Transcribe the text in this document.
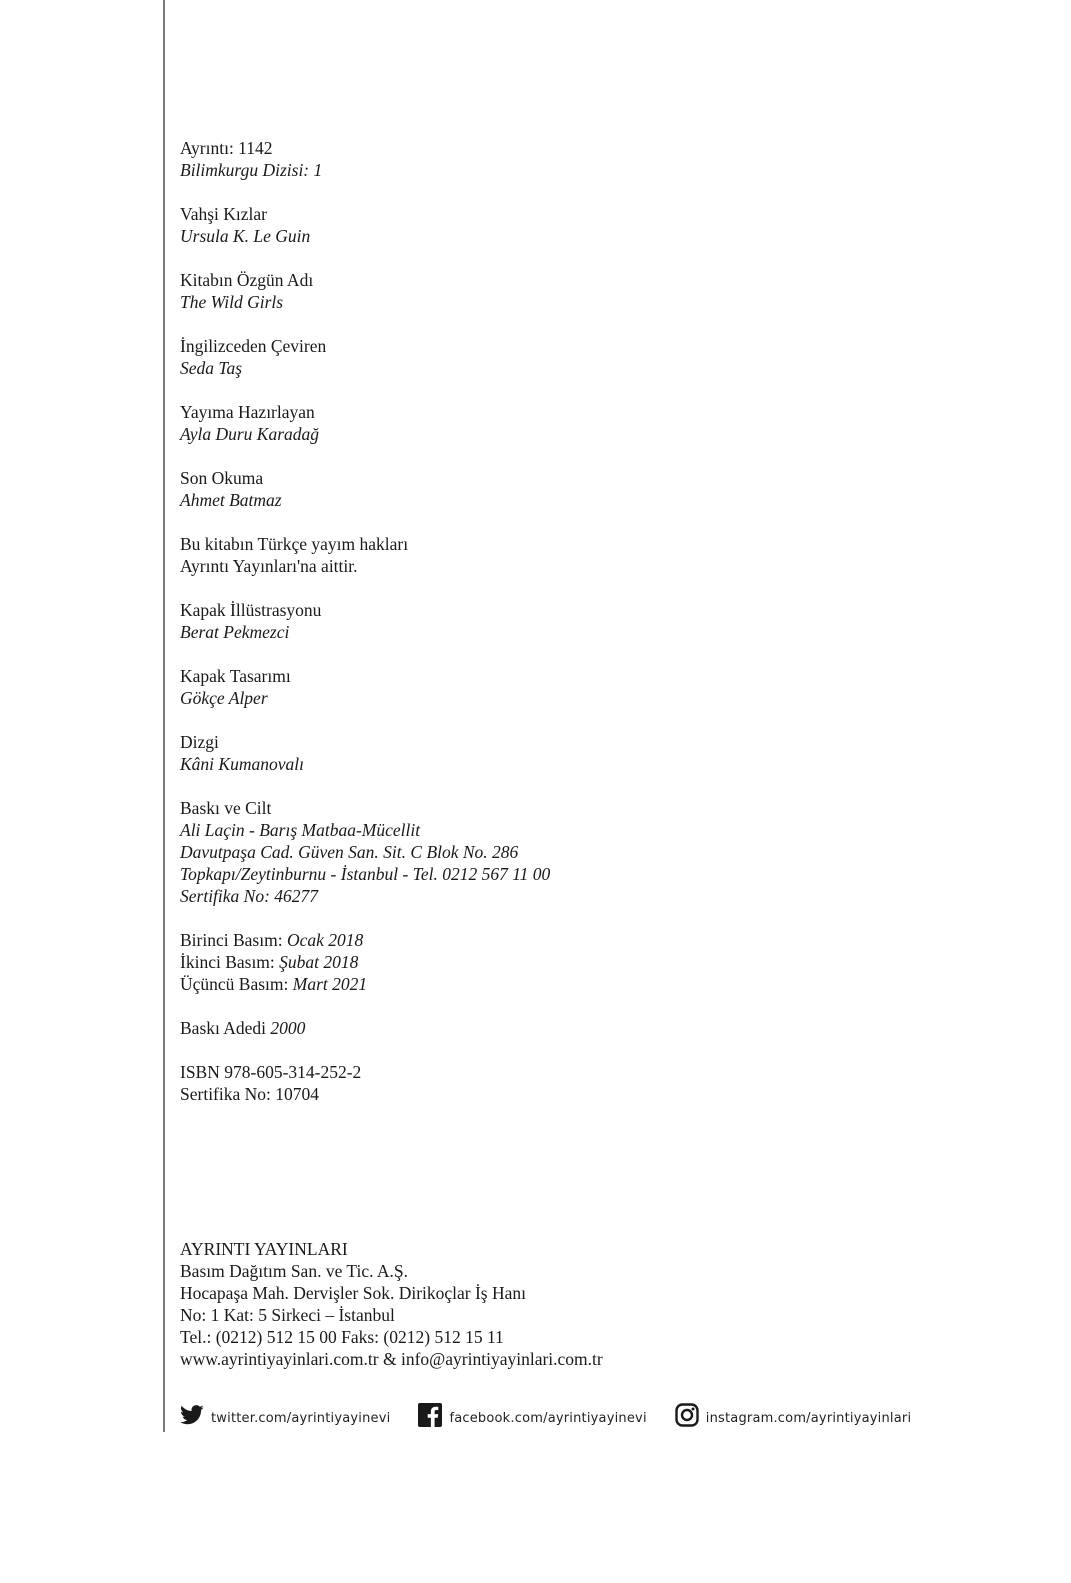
Ayrıntı: 1142
Bilimkurgu Dizisi: 1
Vahşi Kızlar
Ursula K. Le Guin
Kitabın Özgün Adı
The Wild Girls
İngilizceden Çeviren
Seda Taş
Yayıma Hazırlayan
Ayla Duru Karadağ
Son Okuma
Ahmet Batmaz
Bu kitabın Türkçe yayım hakları
Ayrıntı Yayınları'na aittir.
Kapak İllüstrasyonu
Berat Pekmezci
Kapak Tasarımı
Gökçe Alper
Dizgi
Kâni Kumanovalı
Baskı ve Cilt
Ali Laçin - Barış Matbaa-Mücellit
Davutpaşa Cad. Güven San. Sit. C Blok No. 286
Topkapı/Zeytinburnu - İstanbul - Tel. 0212 567 11 00
Sertifika No: 46277
Birinci Basım: Ocak 2018
İkinci Basım: Şubat 2018
Üçüncü Basım: Mart 2021
Baskı Adedi 2000
ISBN 978-605-314-252-2
Sertifika No: 10704
AYRINTI YAYINLARI
Basım Dağıtım San. ve Tic. A.Ş.
Hocapaşa Mah. Dervişler Sok. Dirikoçlar İş Hanı
No: 1 Kat: 5 Sirkeci – İstanbul
Tel.: (0212) 512 15 00 Faks: (0212) 512 15 11
www.ayrintiyayinlari.com.tr & info@ayrintiyayinlari.com.tr
twitter.com/ayrintiyayinevi	facebook.com/ayrintiyayinevi	instagram.com/ayrintiyayinlari
